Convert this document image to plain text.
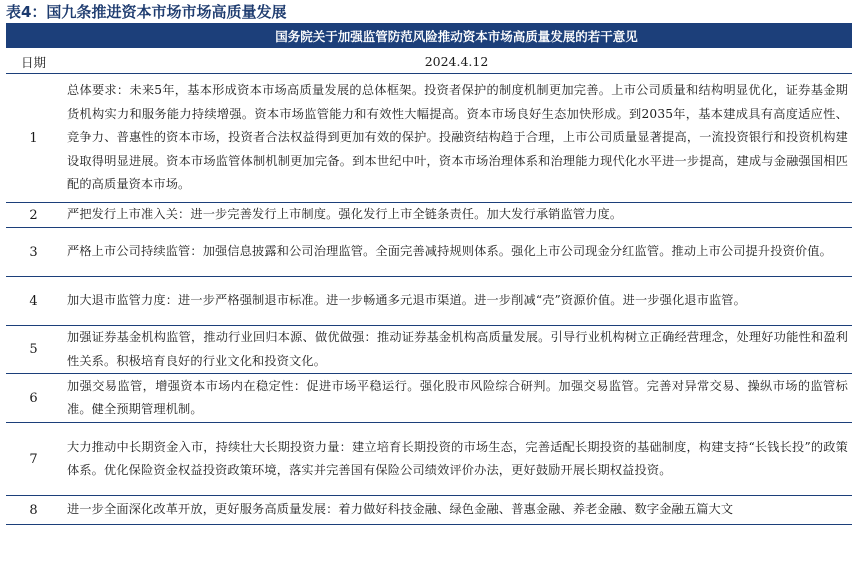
表4：国九条推进资本市场市场高质量发展
	国务院关于加强监管防范风险推动资本市场高质量发展的若干意见
日期	2024.4.12
1	总体要求：未来5年，基本形成资本市场高质量发展的总体框架。投资者保护的制度机制更加完善。上市公司质量和结构明显优化，证券基金期货机构实力和服务能力持续增强。资本市场监管能力和有效性大幅提高。资本市场良好生态加快形成。到2035年，基本建成具有高度适应性、竞争力、普惠性的资本市场，投资者合法权益得到更加有效的保护。投融资结构趋于合理，上市公司质量显著提高，一流投资银行和投资机构建设取得明显进展。资本市场监管体制机制更加完备。到本世纪中叶，资本市场治理体系和治理能力现代化水平进一步提高，建成与金融强国相匹配的高质量资本市场。
2	严把发行上市准入关：进一步完善发行上市制度。强化发行上市全链条责任。加大发行承销监管力度。
3	严格上市公司持续监管：加强信息披露和公司治理监管。全面完善减持规则体系。强化上市公司现金分红监管。推动上市公司提升投资价值。
4	加大退市监管力度：进一步严格强制退市标准。进一步畅通多元退市渠道。进一步削减“壳”资源价值。进一步强化退市监管。
5	加强证券基金机构监管，推动行业回归本源、做优做强：推动证券基金机构高质量发展。引导行业机构树立正确经营理念，处理好功能性和盈利性关系。积极培育良好的行业文化和投资文化。
6	加强交易监管，增强资本市场内在稳定性：促进市场平稳运行。强化股市风险综合研判。加强交易监管。完善对异常交易、操纵市场的监管标准。健全预期管理机制。
7	大力推动中长期资金入市，持续壮大长期投资力量：建立培育长期投资的市场生态，完善适配长期投资的基础制度，构建支持“长钱长投”的政策体系。优化保险资金权益投资政策环境，落实并完善国有保险公司绩效评价办法，更好鼓励开展长期权益投资。
8	进一步全面深化改革开放，更好服务高质量发展：着力做好科技金融、绿色金融、普惠金融、养老金融、数字金融五篇大文
